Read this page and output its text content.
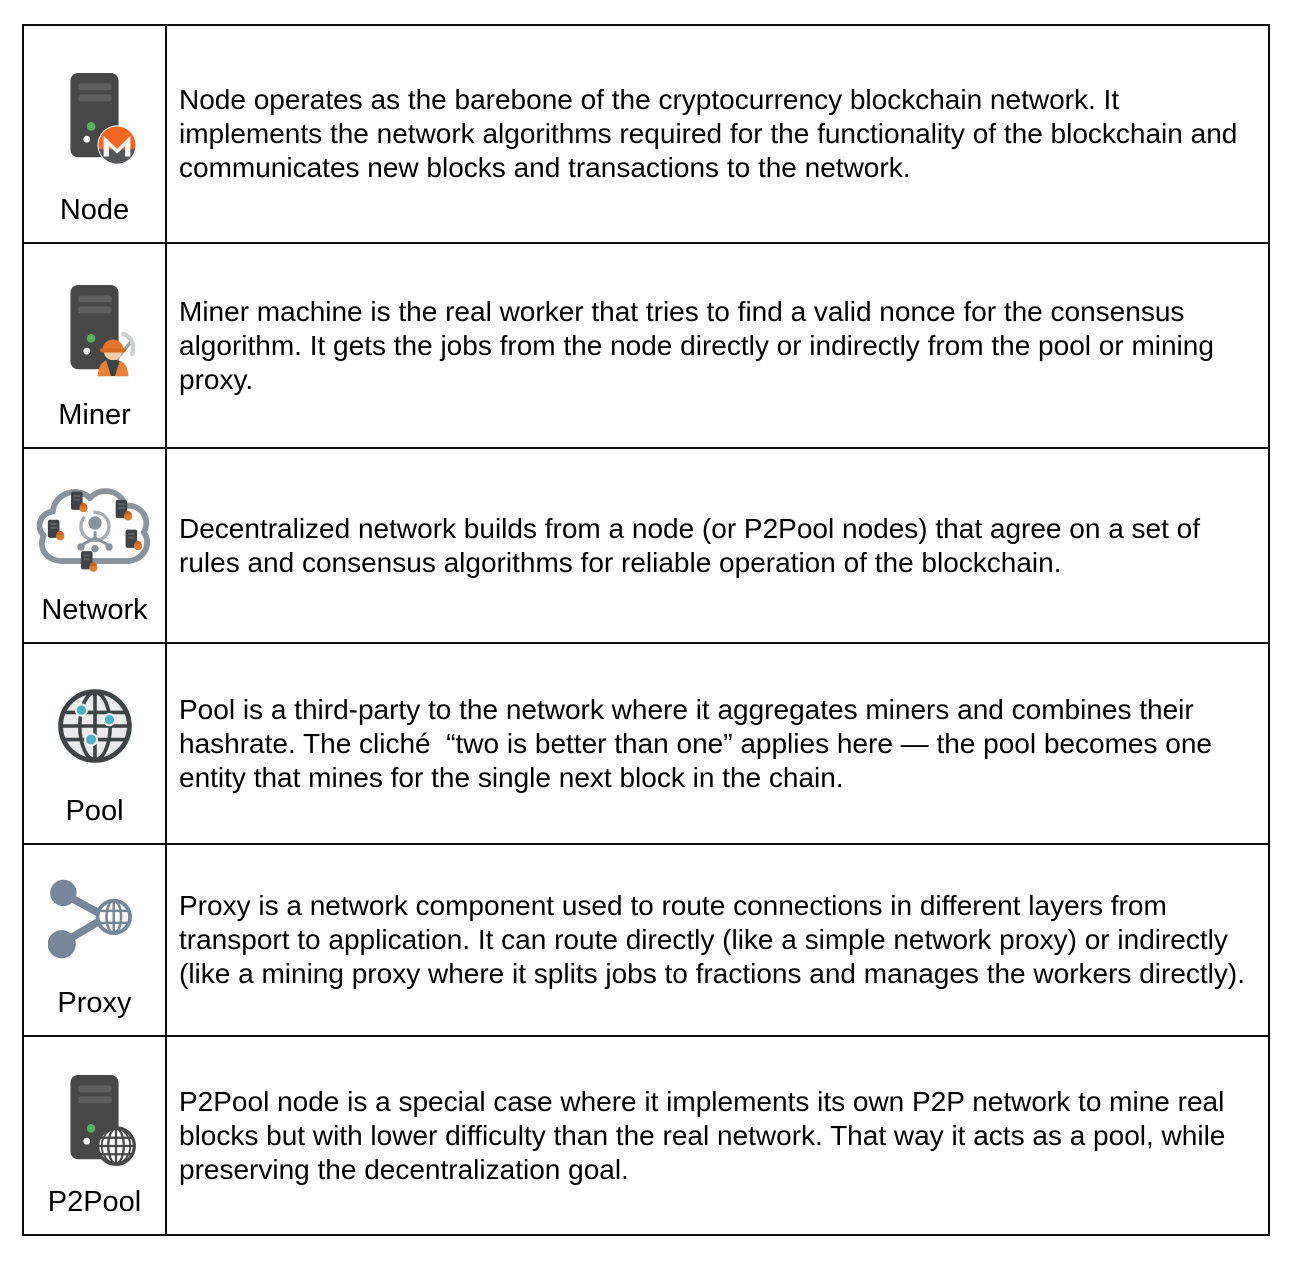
Node

Node operates as the barebone of the cryptocurrency blockchain network. It implements the network algorithms required for the functionality of the blockchain and communicates new blocks and transactions to the network.

Miner

Miner machine is the real worker that tries to find a valid nonce for the consensus algorithm. It gets the jobs from the node directly or indirectly from the pool or mining proxy.

Network

Decentralized network builds from a node (or P2Pool nodes) that agree on a set of rules and consensus algorithms for reliable operation of the blockchain.

Pool

Pool is a third-party to the network where it aggregates miners and combines their hashrate. The cliché  “two is better than one” applies here — the pool becomes one entity that mines for the single next block in the chain.

Proxy

Proxy is a network component used to route connections in different layers from transport to application. It can route directly (like a simple network proxy) or indirectly (like a mining proxy where it splits jobs to fractions and manages the workers directly).

P2Pool

P2Pool node is a special case where it implements its own P2P network to mine real blocks but with lower difficulty than the real network. That way it acts as a pool, while preserving the decentralization goal.
